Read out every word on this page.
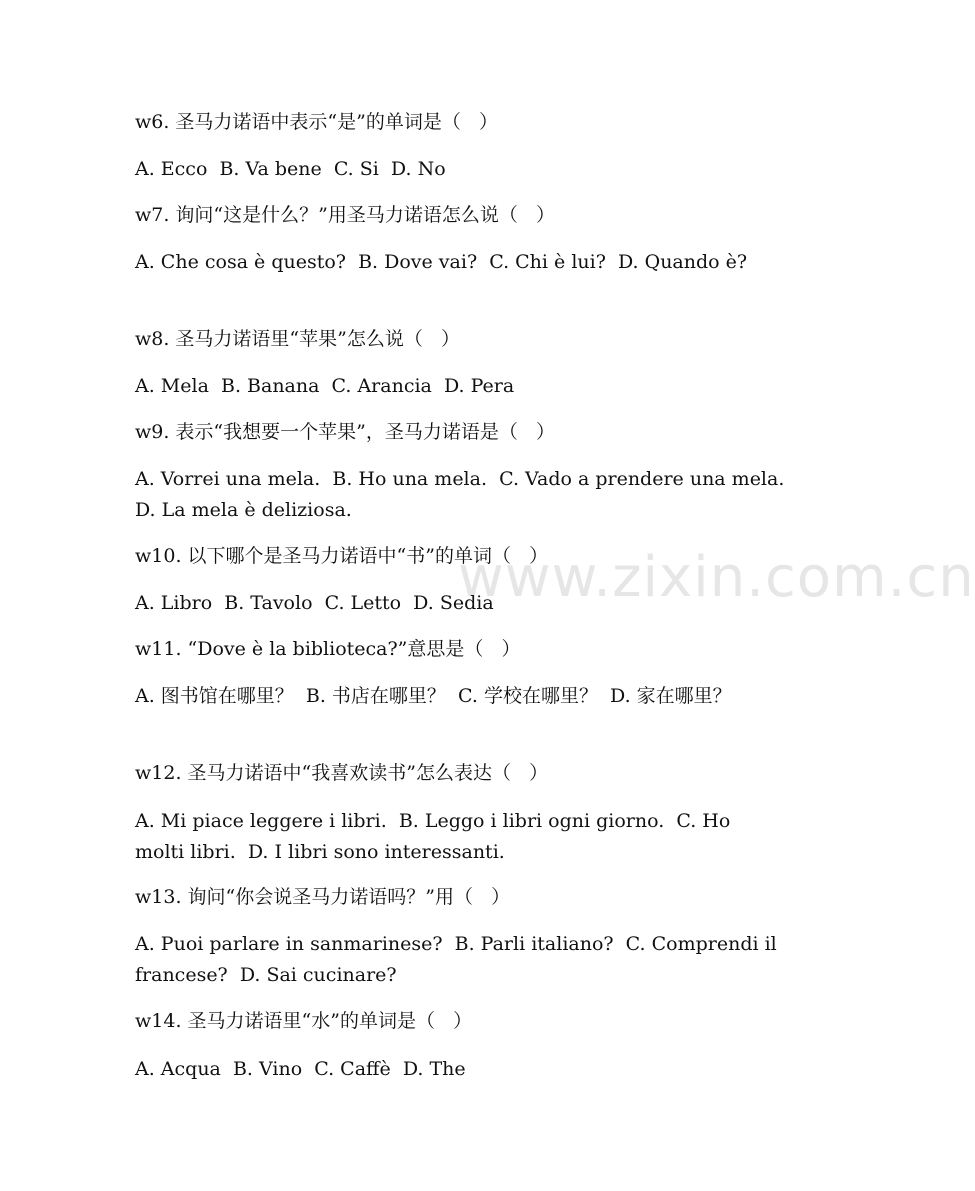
www.zixin.com.cn
w6. 圣马力诺语中表示“是”的单词是（   ）
A. Ecco  B. Va bene  C. Si  D. No
w7. 询问“这是什么？”用圣马力诺语怎么说（   ）
A. Che cosa è questo?  B. Dove vai?  C. Chi è lui?  D. Quando è?
w8. 圣马力诺语里“苹果”怎么说（   ）
A. Mela  B. Banana  C. Arancia  D. Pera
w9. 表示“我想要一个苹果”，圣马力诺语是（   ）
A. Vorrei una mela.  B. Ho una mela.  C. Vado a prendere una mela.  D. La mela è deliziosa.
w10. 以下哪个是圣马力诺语中“书”的单词（   ）
A. Libro  B. Tavolo  C. Letto  D. Sedia
w11. “Dove è la biblioteca?”意思是（   ）
A. 图书馆在哪里？  B. 书店在哪里？  C. 学校在哪里？  D. 家在哪里？
w12. 圣马力诺语中“我喜欢读书”怎么表达（   ）
A. Mi piace leggere i libri.  B. Leggo i libri ogni giorno.  C. Ho molti libri.  D. I libri sono interessanti.
w13. 询问“你会说圣马力诺语吗？”用（   ）
A. Puoi parlare in sanmarinese?  B. Parli italiano?  C. Comprendi il francese?  D. Sai cucinare?
w14. 圣马力诺语里“水”的单词是（   ）
A. Acqua  B. Vino  C. Caffè  D. The
